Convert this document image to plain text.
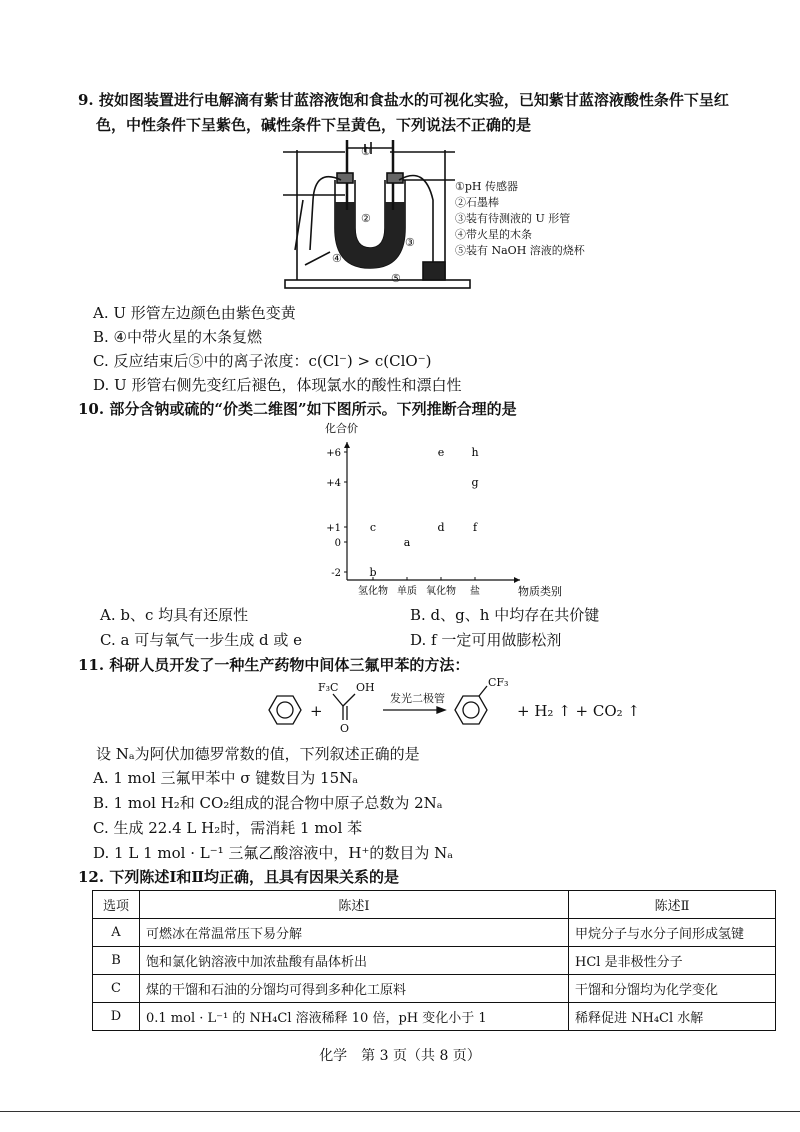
9. 按如图装置进行电解滴有紫甘蓝溶液饱和食盐水的可视化实验，已知紫甘蓝溶液酸性条件下呈红
色，中性条件下呈紫色，碱性条件下呈黄色，下列说法不正确的是
①
②
③
④
⑤
①pH 传感器
②石墨棒
③装有待测液的 U 形管
④带火星的木条
⑤装有 NaOH 溶液的烧杯
A. U 形管左边颜色由紫色变黄
B. ④中带火星的木条复燃
C. 反应结束后⑤中的离子浓度：c(Cl⁻) > c(ClO⁻)
D. U 形管右侧先变红后褪色，体现氯水的酸性和漂白性
10. 部分含钠或硫的“价类二维图”如下图所示。下列推断合理的是
化合价
物质类别
+6
+4
+1
0
-2
氢化物 单质 氧化物 盐
b
c
a
e
d
h
g
f
A. b、c 均具有还原性	B. d、g、h 中均存在共价键
C. a 可与氧气一步生成 d 或 e	D. f 一定可用做膨松剂
11. 科研人员开发了一种生产药物中间体三氟甲苯的方法：
+
F₃C OH
O
发光二极管
CF₃
+ H₂ ↑ + CO₂ ↑
设 Nₐ为阿伏加德罗常数的值，下列叙述正确的是
A. 1 mol 三氟甲苯中 σ 键数目为 15Nₐ
B. 1 mol H₂和 CO₂组成的混合物中原子总数为 2Nₐ
C. 生成 22.4 L H₂时，需消耗 1 mol 苯
D. 1 L 1 mol · L⁻¹ 三氟乙酸溶液中，H⁺的数目为 Nₐ
12. 下列陈述Ⅰ和Ⅱ均正确，且具有因果关系的是
选项	陈述Ⅰ	陈述Ⅱ
A	可燃冰在常温常压下易分解	甲烷分子与水分子间形成氢键
B	饱和氯化钠溶液中加浓盐酸有晶体析出	HCl 是非极性分子
C	煤的干馏和石油的分馏均可得到多种化工原料	干馏和分馏均为化学变化
D	0.1 mol · L⁻¹ 的 NH₄Cl 溶液稀释 10 倍，pH 变化小于 1	稀释促进 NH₄Cl 水解
化学　第 3 页（共 8 页）
